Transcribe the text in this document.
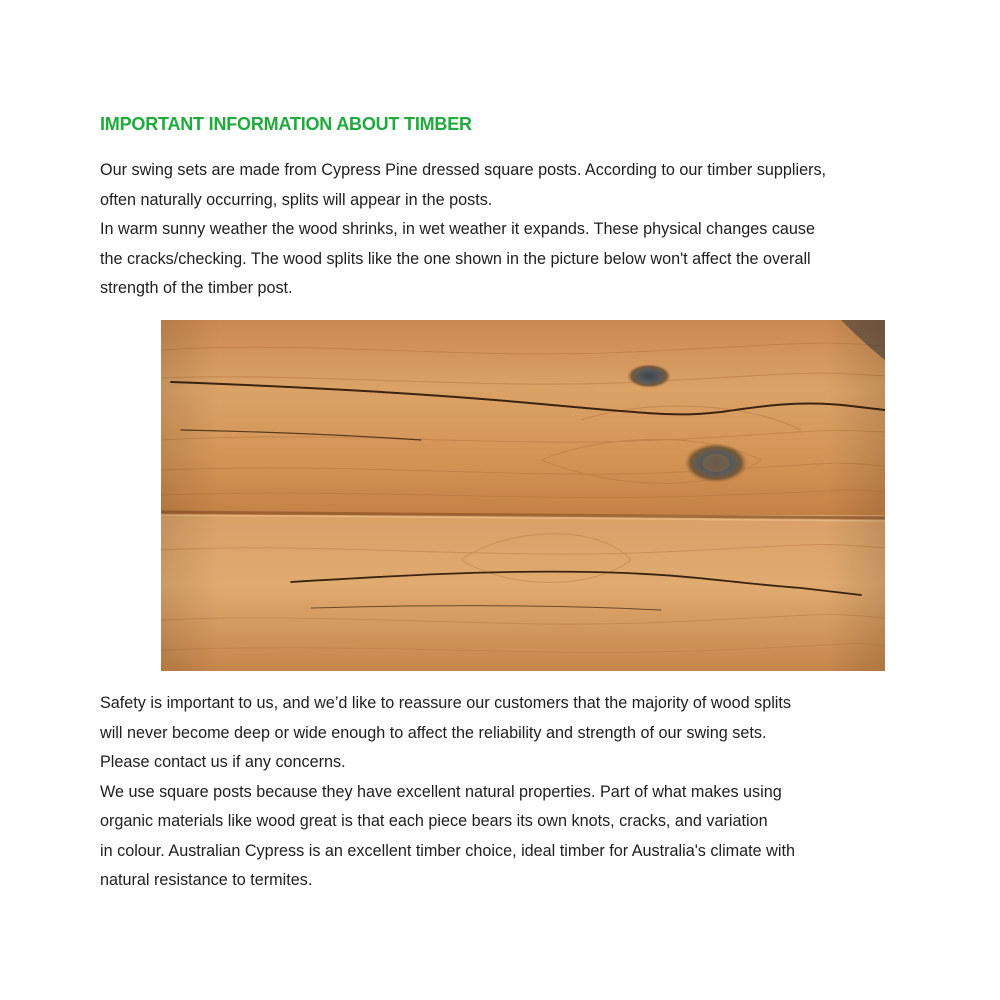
IMPORTANT INFORMATION ABOUT TIMBER

Our swing sets are made from Cypress Pine dressed square posts. According to our timber suppliers,
often naturally occurring, splits will appear in the posts.
In warm sunny weather the wood shrinks, in wet weather it expands. These physical changes cause
the cracks/checking. The wood splits like the one shown in the picture below won't affect the overall
strength of the timber post.

Safety is important to us, and we’d like to reassure our customers that the majority of wood splits
will never become deep or wide enough to affect the reliability and strength of our swing sets.
Please contact us if any concerns.
We use square posts because they have excellent natural properties. Part of what makes using
organic materials like wood great is that each piece bears its own knots, cracks, and variation
in colour. Australian Cypress is an excellent timber choice, ideal timber for Australia's climate with
natural resistance to termites.
